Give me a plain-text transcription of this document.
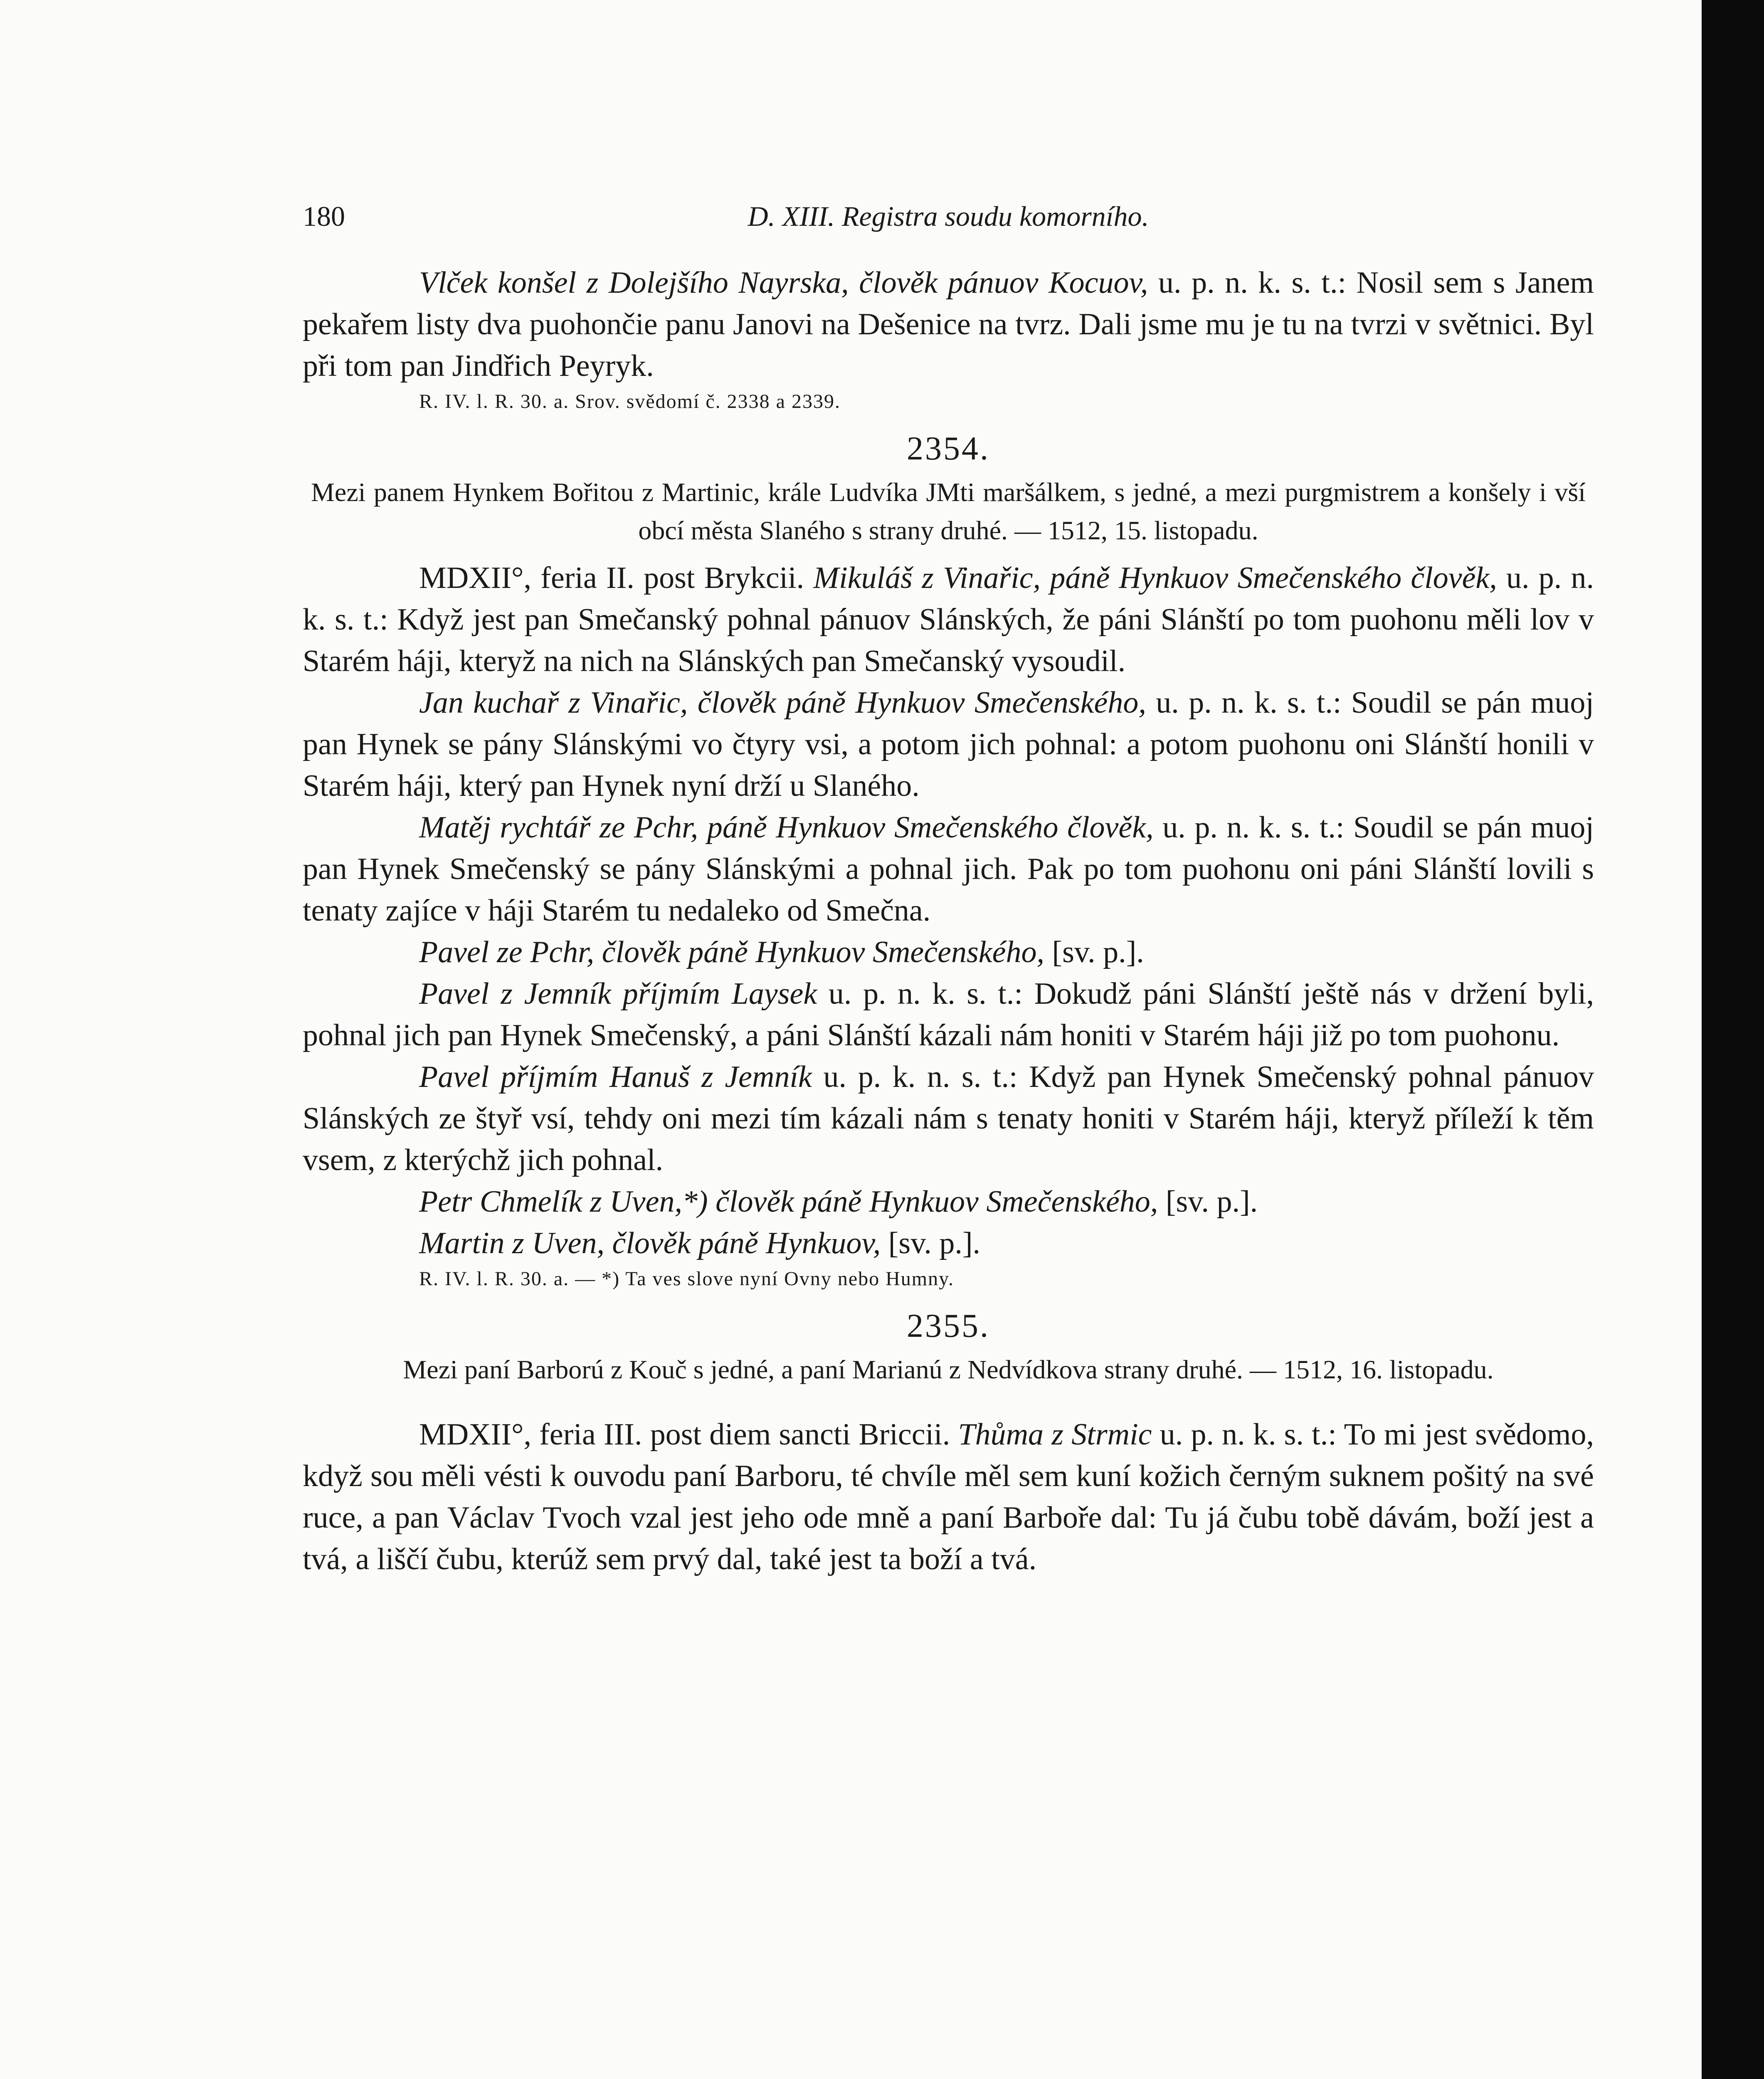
180	D. XIII. Registra soudu komorního.

Vlček konšel z Dolejšího Nayrska, člověk pánuov Kocuov, u. p. n. k. s. t.: Nosil sem s Janem pekařem listy dva puohončie panu Janovi na Dešenice na tvrz. Dali jsme mu je tu na tvrzi v světnici. Byl při tom pan Jindřich Peyryk.

R. IV. l. R. 30. a. Srov. svědomí č. 2338 a 2339.
2354.
Mezi panem Hynkem Bořitou z Martinic, krále Ludvíka JMti maršálkem, s jedné, a mezi purgmistrem a konšely i vší obcí města Slaného s strany druhé. — 1512, 15. listopadu.

MDXII°, feria II. post Brykcii. Mikuláš z Vinařic, páně Hynkuov Smečenského člověk, u. p. n. k. s. t.: Když jest pan Smečanský pohnal pánuov Slánských, že páni Slánští po tom puohonu měli lov v Starém háji, kteryž na nich na Slánských pan Smečanský vysoudil.

Jan kuchař z Vinařic, člověk páně Hynkuov Smečenského, u. p. n. k. s. t.: Soudil se pán muoj pan Hynek se pány Slánskými vo čtyry vsi, a potom jich pohnal: a potom puohonu oni Slánští honili v Starém háji, který pan Hynek nyní drží u Slaného.

Matěj rychtář ze Pchr, páně Hynkuov Smečenského člověk, u. p. n. k. s. t.: Soudil se pán muoj pan Hynek Smečenský se pány Slánskými a pohnal jich. Pak po tom puohonu oni páni Slánští lovili s tenaty zajíce v háji Starém tu nedaleko od Smečna.

Pavel ze Pchr, člověk páně Hynkuov Smečenského, [sv. p.].

Pavel z Jemník příjmím Laysek u. p. n. k. s. t.: Dokudž páni Slánští ještě nás v držení byli, pohnal jich pan Hynek Smečenský, a páni Slánští kázali nám honiti v Starém háji již po tom puohonu.

Pavel příjmím Hanuš z Jemník u. p. k. n. s. t.: Když pan Hynek Smečenský pohnal pánuov Slánských ze štyř vsí, tehdy oni mezi tím kázali nám s tenaty honiti v Starém háji, kteryž příleží k těm vsem, z kterýchž jich pohnal.

Petr Chmelík z Uven,*) člověk páně Hynkuov Smečenského, [sv. p.].

Martin z Uven, člověk páně Hynkuov, [sv. p.].

R. IV. l. R. 30. a. — *) Ta ves slove nyní Ovny nebo Humny.
2355.
Mezi paní Barború z Kouč s jedné, a paní Marianú z Nedvídkova strany druhé. — 1512, 16. listopadu.

MDXII°, feria III. post diem sancti Briccii. Thůma z Strmic u. p. n. k. s. t.: To mi jest svědomo, když sou měli vésti k ouvodu paní Barboru, té chvíle měl sem kuní kožich černým suknem pošitý na své ruce, a pan Václav Tvoch vzal jest jeho ode mně a paní Barboře dal: Tu já čubu tobě dávám, boží jest a tvá, a liščí čubu, kterúž sem prvý dal, také jest ta boží a tvá.
